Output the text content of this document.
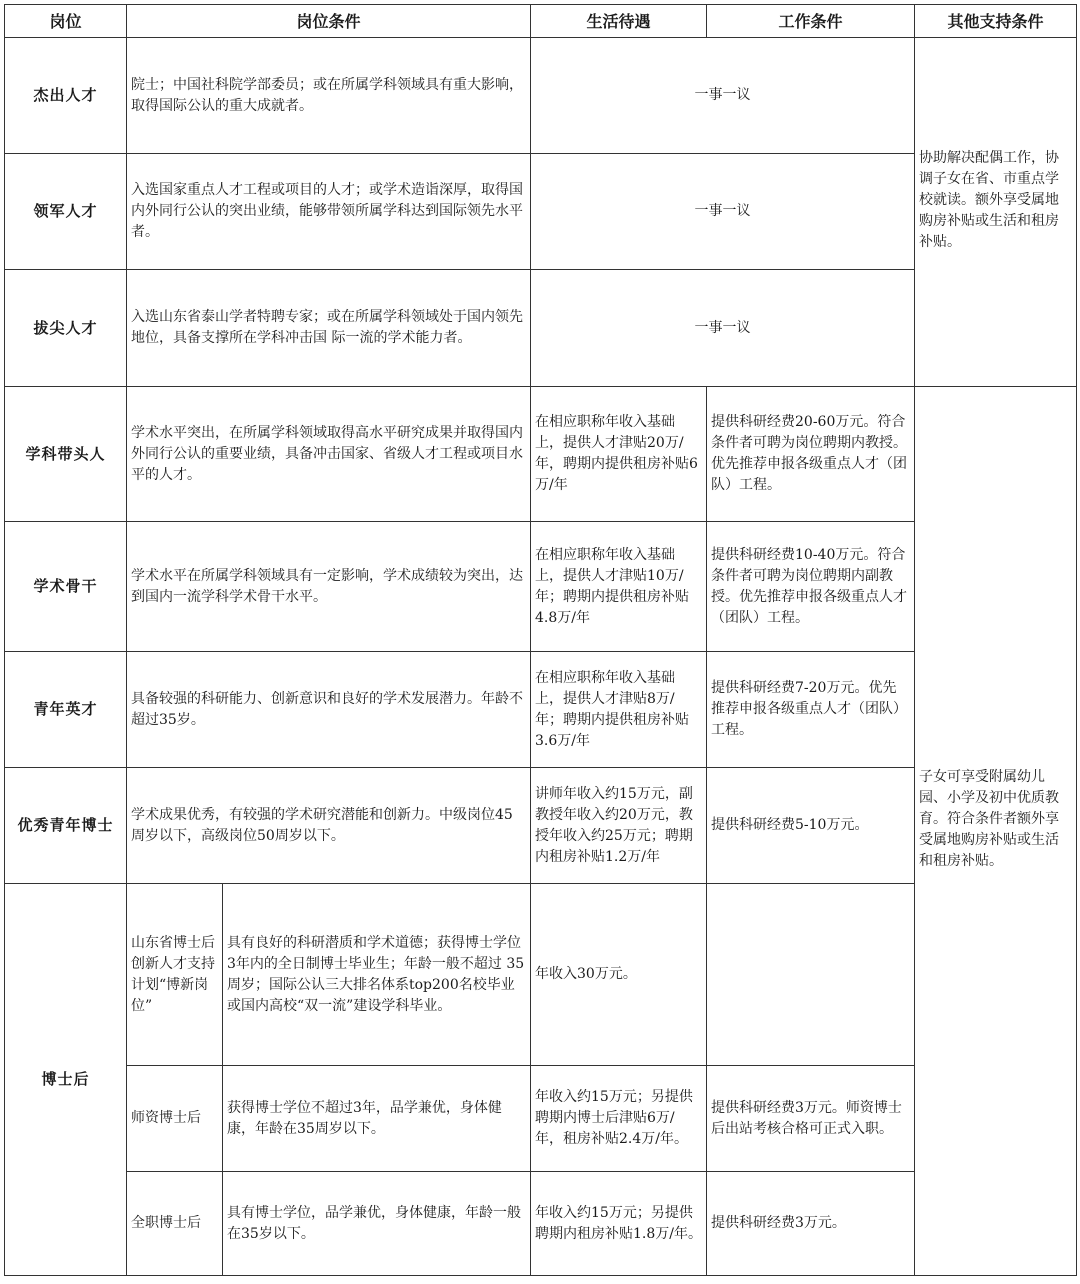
岗位	岗位条件		生活待遇	工作条件	其他支持条件
杰出人才	院士；中国社科院学部委员；或在所属学科领域具有重大影响，取得国际公认的重大成就者。		一事一议		协助解决配偶工作，协调子女在省、市重点学校就读。额外享受属地购房补贴或生活和租房补贴。
领军人才	入选国家重点人才工程或项目的人才；或学术造诣深厚，取得国内外同行公认的突出业绩，能够带领所属学科达到国际领先水平者。		一事一议		
拔尖人才	入选山东省泰山学者特聘专家；或在所属学科领域处于国内领先地位，具备支撑所在学科冲击国 际一流的学术能力者。		一事一议		
学科带头人	学术水平突出，在所属学科领域取得高水平研究成果并取得国内外同行公认的重要业绩，具备冲击国家、省级人才工程或项目水平的人才。		在相应职称年收入基础上，提供人才津贴20万/年，聘期内提供租房补贴6万/年	提供科研经费20-60万元。符合条件者可聘为岗位聘期内教授。优先推荐申报各级重点人才（团队）工程。	子女可享受附属幼儿园、小学及初中优质教育。符合条件者额外享受属地购房补贴或生活和租房补贴。
学术骨干	学术水平在所属学科领域具有一定影响，学术成绩较为突出，达到国内一流学科学术骨干水平。		在相应职称年收入基础上，提供人才津贴10万/年；聘期内提供租房补贴4.8万/年	提供科研经费10-40万元。符合条件者可聘为岗位聘期内副教授。优先推荐申报各级重点人才（团队）工程。	
青年英才	具备较强的科研能力、创新意识和良好的学术发展潜力。年龄不超过35岁。		在相应职称年收入基础上，提供人才津贴8万/年；聘期内提供租房补贴3.6万/年	提供科研经费7-20万元。优先推荐申报各级重点人才（团队）工程。	
优秀青年博士	学术成果优秀，有较强的学术研究潜能和创新力。中级岗位45周岁以下，高级岗位50周岁以下。		讲师年收入约15万元，副教授年收入约20万元，教授年收入约25万元；聘期内租房补贴1.2万/年	提供科研经费5-10万元。	
博士后	山东省博士后创新人才支持计划“博新岗位”	具有良好的科研潜质和学术道德；获得博士学位3年内的全日制博士毕业生；年龄一般不超过 35 周岁；国际公认三大排名体系top200名校毕业或国内高校“双一流”建设学科毕业。	年收入30万元。		
	师资博士后	获得博士学位不超过3年，品学兼优，身体健康，年龄在35周岁以下。	年收入约15万元；另提供聘期内博士后津贴6万/年，租房补贴2.4万/年。	提供科研经费3万元。师资博士后出站考核合格可正式入职。	
	全职博士后	具有博士学位，品学兼优，身体健康，年龄一般在35岁以下。	年收入约15万元；另提供聘期内租房补贴1.8万/年。	提供科研经费3万元。	
